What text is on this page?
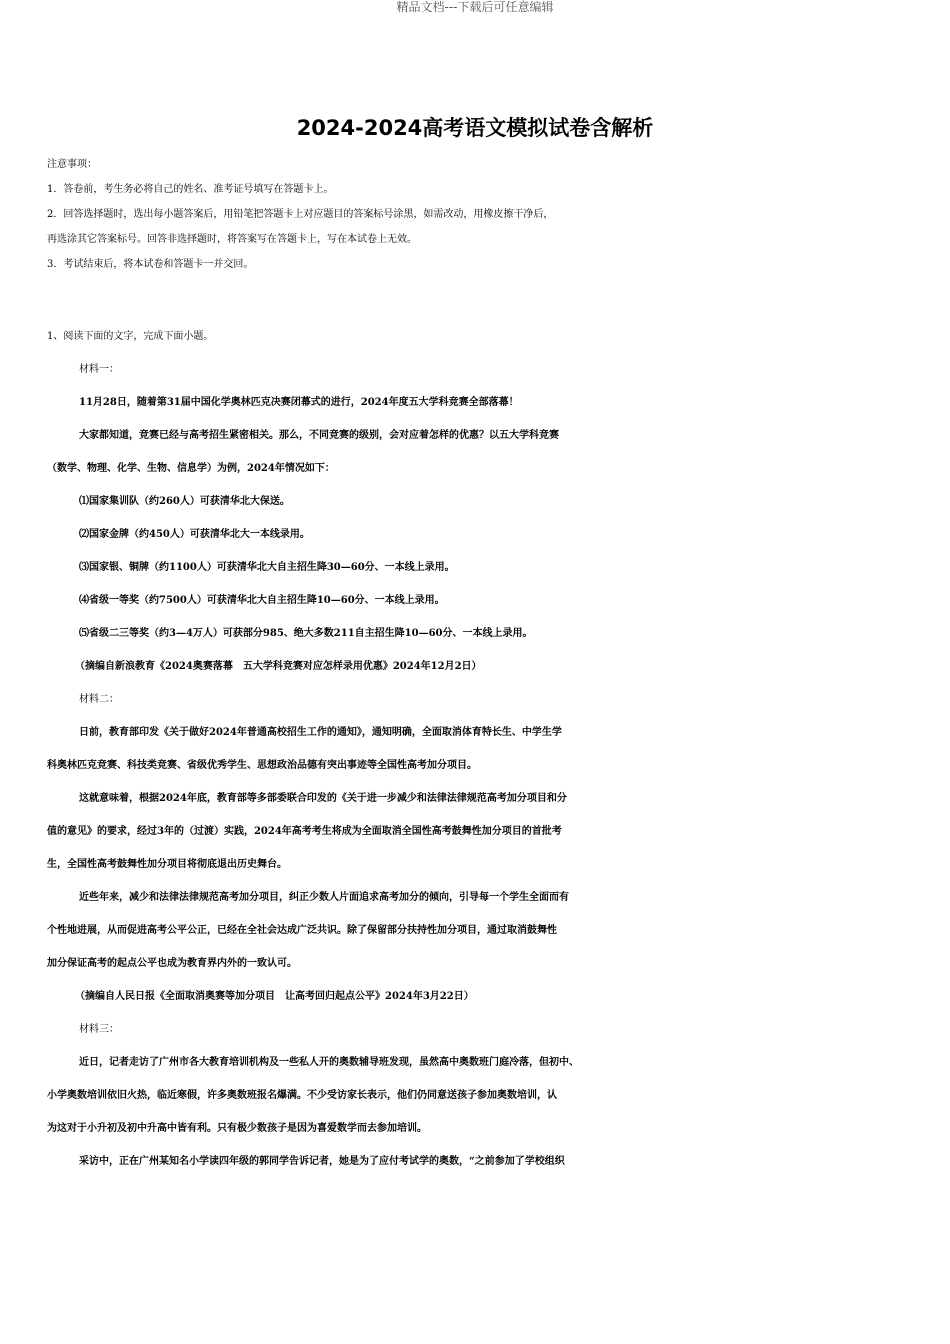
精品文档---下载后可任意编辑
2024-2024高考语文模拟试卷含解析

注意事项：

1．答卷前，考生务必将自己的姓名、准考证号填写在答题卡上。

2．回答选择题时，选出每小题答案后，用铅笔把答题卡上对应题目的答案标号涂黑，如需改动，用橡皮擦干净后，

再选涂其它答案标号。回答非选择题时，将答案写在答题卡上，写在本试卷上无效。

3．考试结束后，将本试卷和答题卡一并交回。

1、阅读下面的文字，完成下面小题。

材料一：

11月28日，随着第31届中国化学奥林匹克决赛闭幕式的进行，2024年度五大学科竞赛全部落幕！

大家都知道，竞赛已经与高考招生紧密相关。那么，不同竞赛的级别，会对应着怎样的优惠？以五大学科竞赛

（数学、物理、化学、生物、信息学）为例，2024年情况如下：

⑴国家集训队（约260人）可获清华北大保送。

⑵国家金牌（约450人）可获清华北大一本线录用。

⑶国家银、铜牌（约1100人）可获清华北大自主招生降30—60分、一本线上录用。

⑷省级一等奖（约7500人）可获清华北大自主招生降10—60分、一本线上录用。

⑸省级二三等奖（约3—4万人）可获部分985、绝大多数211自主招生降10—60分、一本线上录用。

（摘编自新浪教育《2024奥赛落幕　五大学科竞赛对应怎样录用优惠》2024年12月2日）

材料二：

日前，教育部印发《关于做好2024年普通高校招生工作的通知》，通知明确，全面取消体育特长生、中学生学

科奥林匹克竞赛、科技类竞赛、省级优秀学生、思想政治品德有突出事迹等全国性高考加分项目。

这就意味着，根据2024年底，教育部等多部委联合印发的《关于进一步减少和法律法律规范高考加分项目和分

值的意见》的要求，经过3年的（过渡）实践，2024年高考考生将成为全面取消全国性高考鼓舞性加分项目的首批考

生，全国性高考鼓舞性加分项目将彻底退出历史舞台。

近些年来，减少和法律法律规范高考加分项目，纠正少数人片面追求高考加分的倾向，引导每一个学生全面而有

个性地进展，从而促进高考公平公正，已经在全社会达成广泛共识。除了保留部分扶持性加分项目，通过取消鼓舞性

加分保证高考的起点公平也成为教育界内外的一致认可。

（摘编自人民日报《全面取消奥赛等加分项目　让高考回归起点公平》2024年3月22日）

材料三：

近日，记者走访了广州市各大教育培训机构及一些私人开的奥数辅导班发现，虽然高中奥数班门庭冷落，但初中、

小学奥数培训依旧火热，临近寒假，许多奥数班报名爆满。不少受访家长表示，他们仍同意送孩子参加奥数培训，认

为这对于小升初及初中升高中皆有利。只有极少数孩子是因为喜爱数学而去参加培训。

采访中，正在广州某知名小学读四年级的郭同学告诉记者，她是为了应付考试学的奥数，“之前参加了学校组织
